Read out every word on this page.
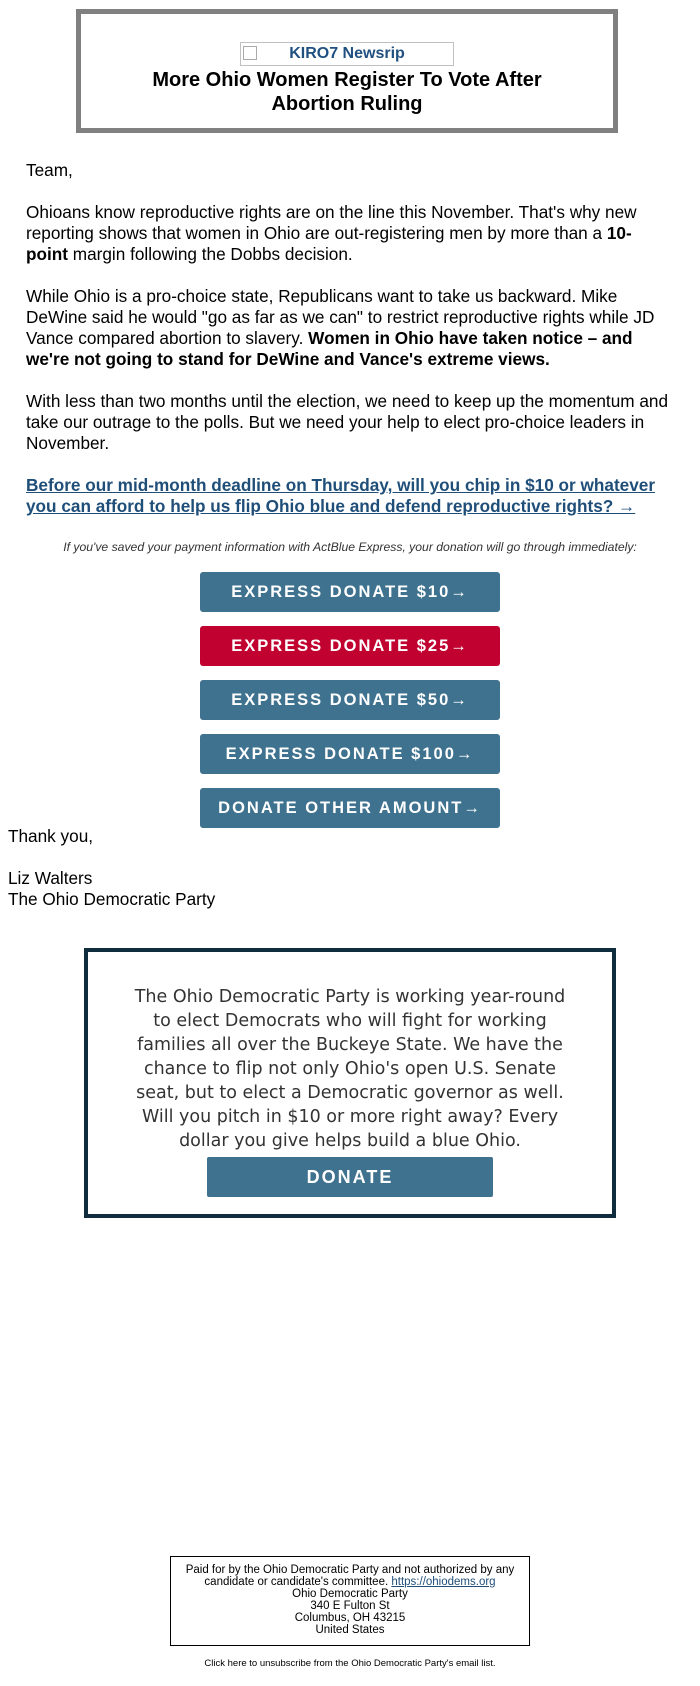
KIRO7 Newsrip
More Ohio Women Register To Vote After
Abortion Ruling

Team,

Ohioans know reproductive rights are on the line this November. That's why new reporting shows that women in Ohio are out-registering men by more than a 10-point margin following the Dobbs decision.

While Ohio is a pro-choice state, Republicans want to take us backward. Mike DeWine said he would "go as far as we can" to restrict reproductive rights while JD Vance compared abortion to slavery. Women in Ohio have taken notice – and we're not going to stand for DeWine and Vance's extreme views.

With less than two months until the election, we need to keep up the momentum and take our outrage to the polls. But we need your help to elect pro-choice leaders in November.

Before our mid-month deadline on Thursday, will you chip in $10 or whatever you can afford to help us flip Ohio blue and defend reproductive rights? →
If you've saved your payment information with ActBlue Express, your donation will go through immediately:
EXPRESS DONATE $10→
EXPRESS DONATE $25→
EXPRESS DONATE $50→
EXPRESS DONATE $100→
DONATE OTHER AMOUNT→

Thank you,

Liz Walters
The Ohio Democratic Party
The Ohio Democratic Party is working year-round to elect Democrats who will fight for working families all over the Buckeye State. We have the chance to flip not only Ohio's open U.S. Senate seat, but to elect a Democratic governor as well. Will you pitch in $10 or more right away? Every dollar you give helps build a blue Ohio.
DONATE
Paid for by the Ohio Democratic Party and not authorized by any candidate or candidate's committee. https://ohiodems.org
Ohio Democratic Party
340 E Fulton St
Columbus, OH 43215
United States
Click here to unsubscribe from the Ohio Democratic Party's email list.
